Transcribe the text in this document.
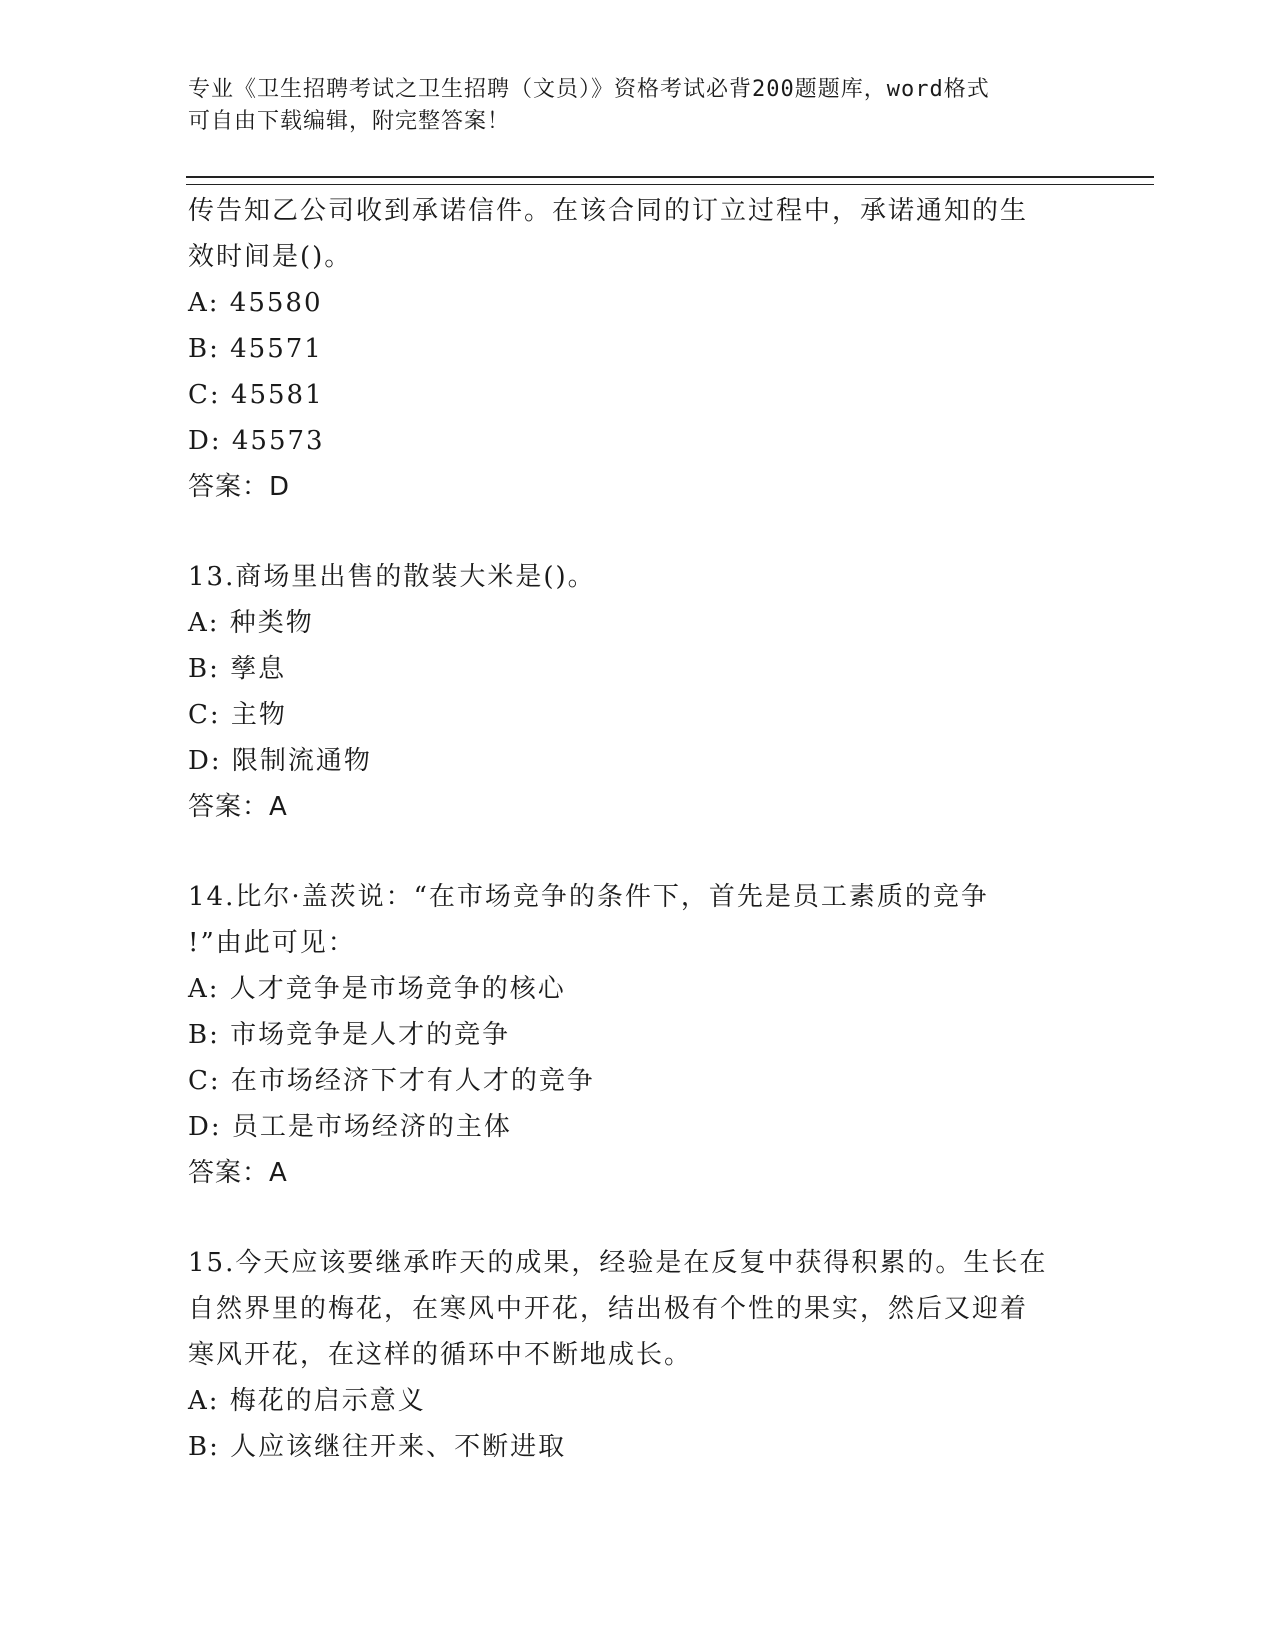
专业《卫生招聘考试之卫生招聘（文员）》资格考试必背200题题库，word格式
可自由下载编辑，附完整答案！
传告知乙公司收到承诺信件。在该合同的订立过程中，承诺通知的生
效时间是()。
A: 45580
B: 45571
C: 45581
D: 45573
答案：D
13.商场里出售的散装大米是()。
A: 种类物
B: 孳息
C: 主物
D: 限制流通物
答案：A
14.比尔·盖茨说：“在市场竞争的条件下，首先是员工素质的竞争
!”由此可见：
A: 人才竞争是市场竞争的核心
B: 市场竞争是人才的竞争
C: 在市场经济下才有人才的竞争
D: 员工是市场经济的主体
答案：A
15.今天应该要继承昨天的成果，经验是在反复中获得积累的。生长在
自然界里的梅花，在寒风中开花，结出极有个性的果实，然后又迎着
寒风开花，在这样的循环中不断地成长。
A: 梅花的启示意义
B: 人应该继往开来、不断进取
